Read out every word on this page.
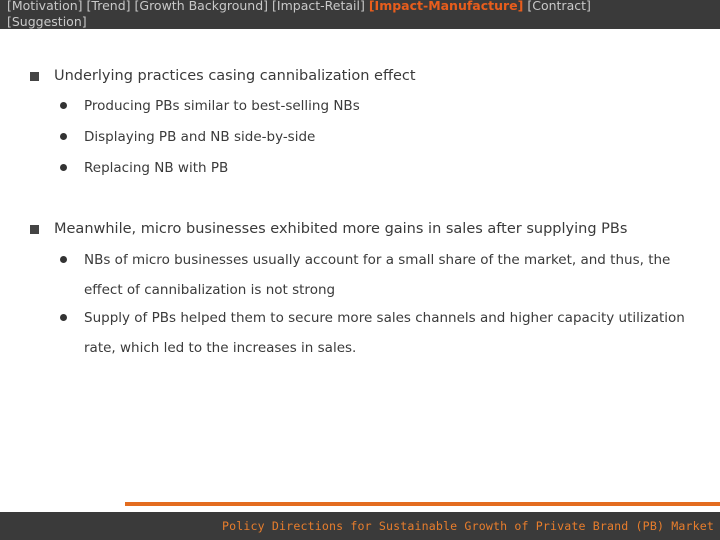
[Motivation] [Trend] [Growth Background] [Impact-Retail] [Impact-Manufacture] [Contract] [Suggestion]
Underlying practices casing cannibalization effect
Producing PBs similar to best-selling NBs
Displaying PB and NB side-by-side
Replacing NB with PB
Meanwhile, micro businesses exhibited more gains in sales after supplying PBs
NBs of micro businesses usually account for a small share of the market, and thus, the effect of cannibalization is not strong
Supply of PBs helped them to secure more sales channels and higher capacity utilization rate, which led to the increases in sales.
Policy Directions for Sustainable Growth of Private Brand (PB) Market
